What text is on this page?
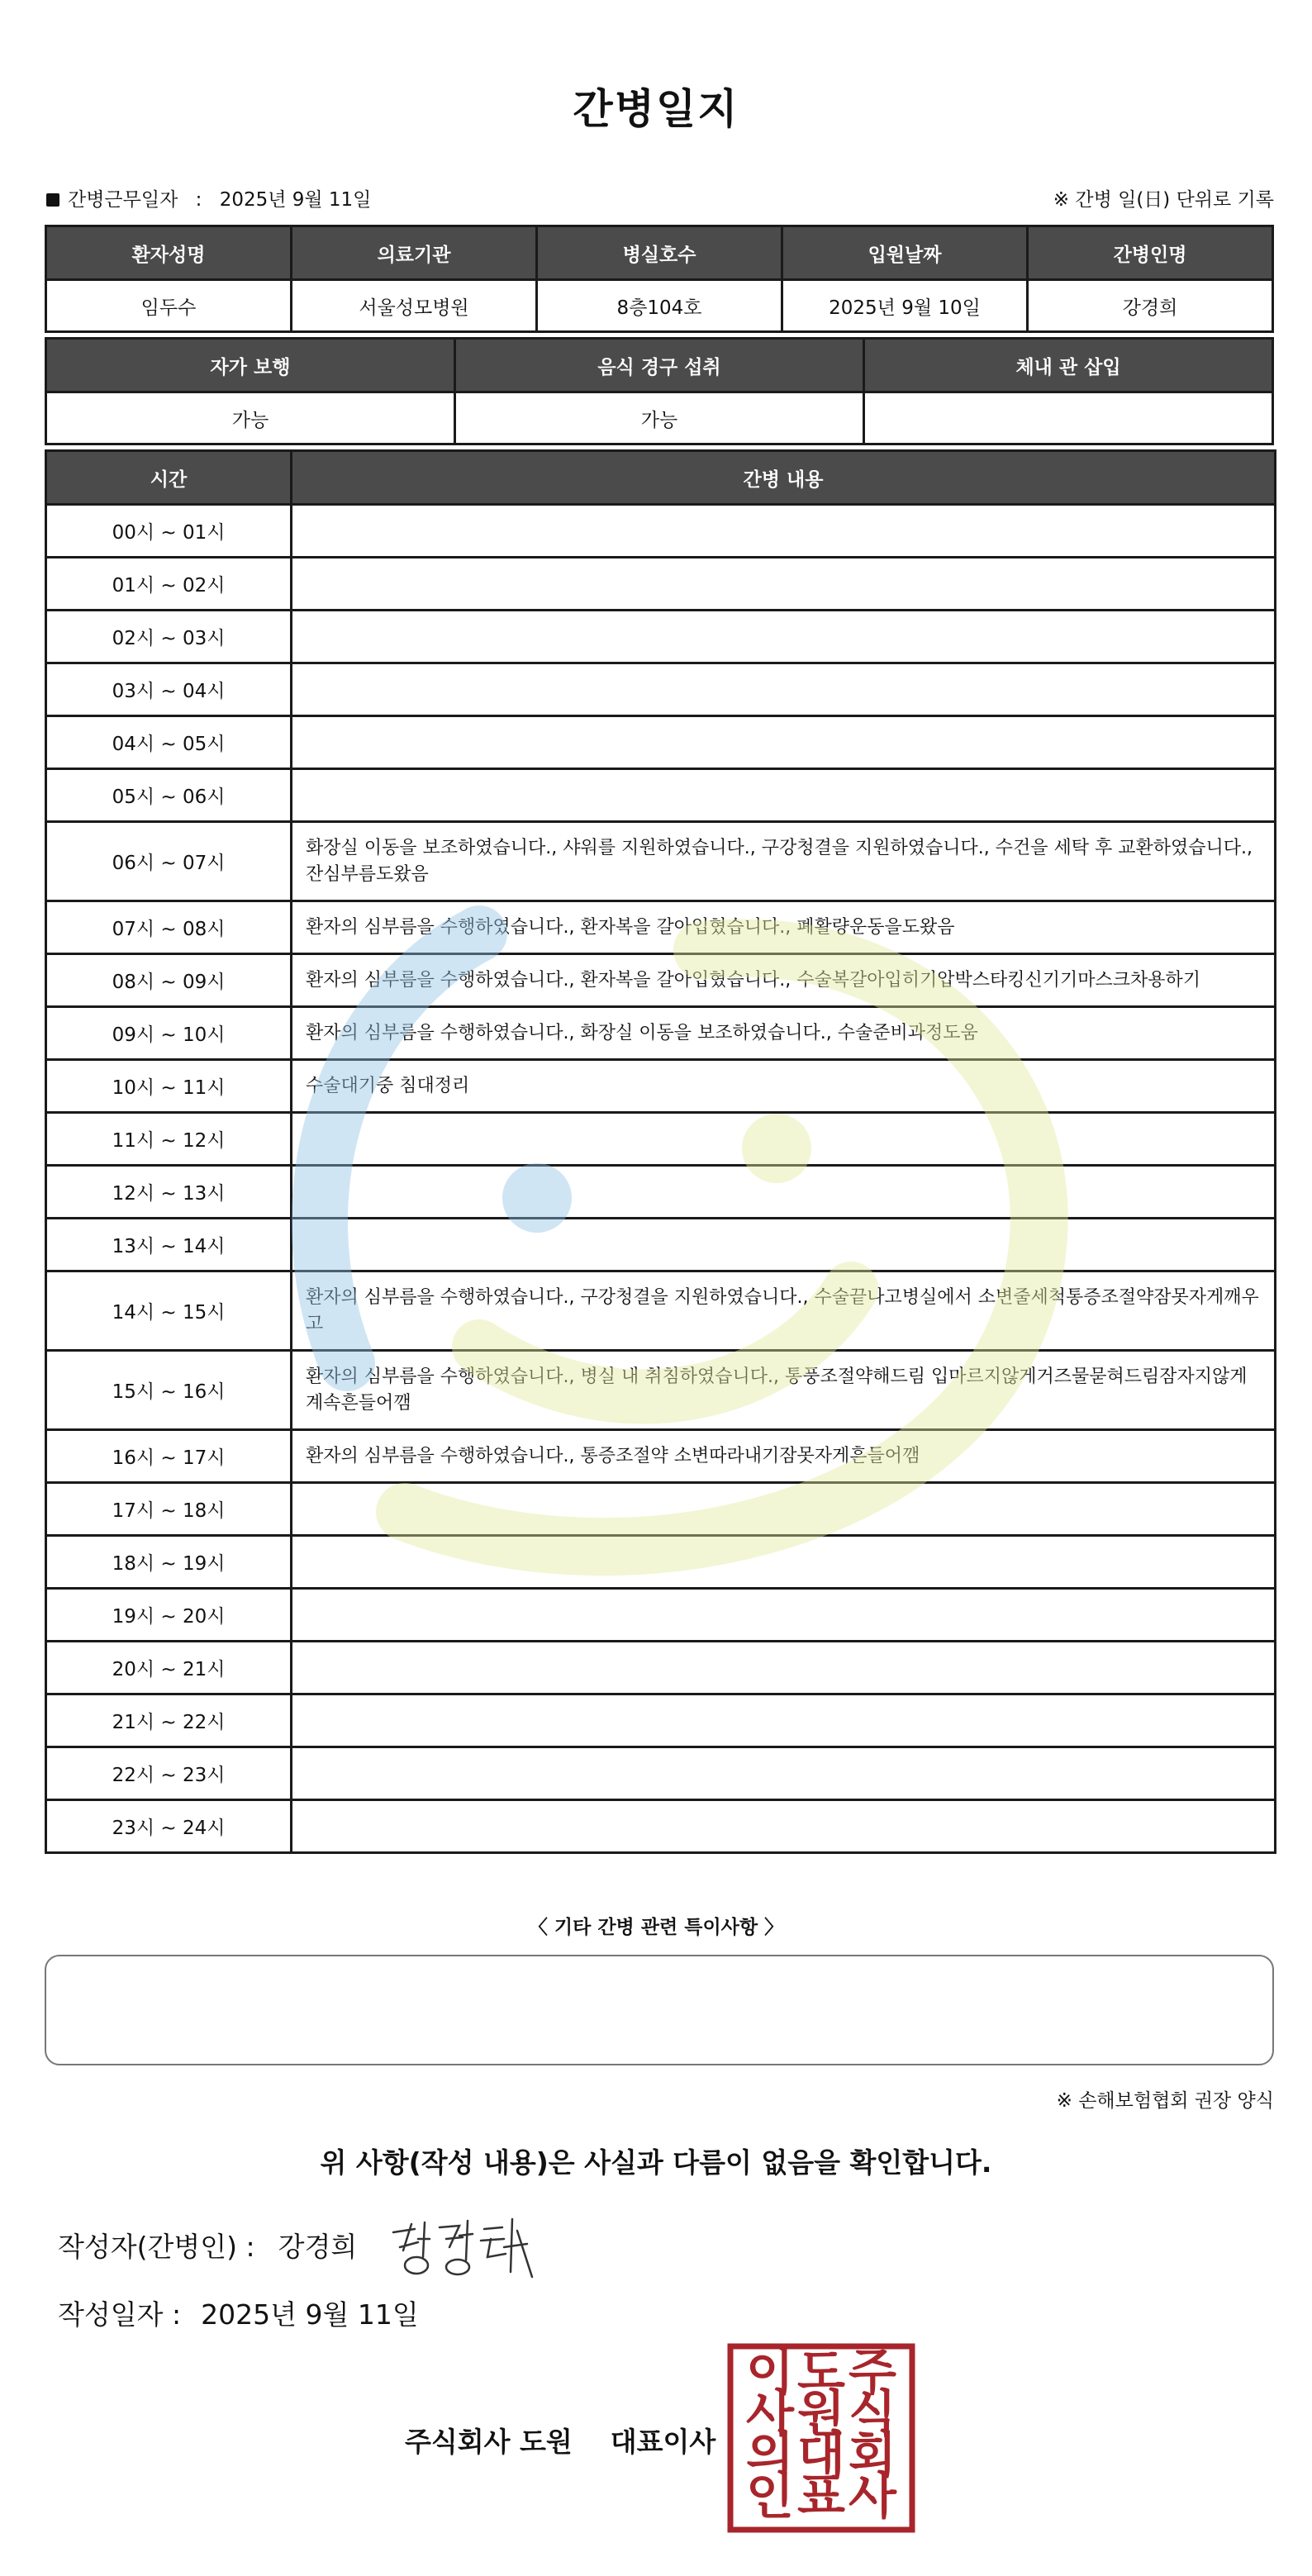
간병일지
간병근무일자 : 2025년 9월 11일	※ 간병 일(日) 단위로 기록
환자성명	의료기관	병실호수	입원날짜	간병인명
임두수	서울성모병원	8층104호	2025년 9월 10일	강경희
자가 보행	음식 경구 섭취	체내 관 삽입
가능	가능	
시간	간병 내용
00시 ~ 01시	
01시 ~ 02시	
02시 ~ 03시	
03시 ~ 04시	
04시 ~ 05시	
05시 ~ 06시	
06시 ~ 07시	화장실 이동을 보조하였습니다., 샤워를 지원하였습니다., 구강청결을 지원하였습니다., 수건을 세탁 후 교환하였습니다., 잔심부름도왔음
07시 ~ 08시	환자의 심부름을 수행하였습니다., 환자복을 갈아입혔습니다., 폐활량운동을도왔음
08시 ~ 09시	환자의 심부름을 수행하였습니다., 환자복을 갈아입혔습니다., 수술복갈아입히기압박스타킹신기기마스크차용하기
09시 ~ 10시	환자의 심부름을 수행하였습니다., 화장실 이동을 보조하였습니다., 수술준비과정도움
10시 ~ 11시	수술대기중 침대정리
11시 ~ 12시	
12시 ~ 13시	
13시 ~ 14시	
14시 ~ 15시	환자의 심부름을 수행하였습니다., 구강청결을 지원하였습니다., 수술끝나고병실에서 소변줄세척통증조절약잠못자게깨우고
15시 ~ 16시	환자의 심부름을 수행하였습니다., 병실 내 취침하였습니다., 통풍조절약해드림 입마르지않게거즈물묻혀드림잠자지않게계속흔들어깸
16시 ~ 17시	환자의 심부름을 수행하였습니다., 통증조절약 소변따라내기잠못자게흔들어깸
17시 ~ 18시	
18시 ~ 19시	
19시 ~ 20시	
20시 ~ 21시	
21시 ~ 22시	
22시 ~ 23시	
23시 ~ 24시	
〈 기타 간병 관련 특이사항 〉
※ 손해보험협회 권장 양식
위 사항(작성 내용)은 사실과 다름이 없음을 확인합니다.
작성자(간병인) : 강경희
작성일자 : 2025년 9월 11일
주식회사 도원    대표이사
주
식
회
사
도
원
대
표
이
사
의
인
